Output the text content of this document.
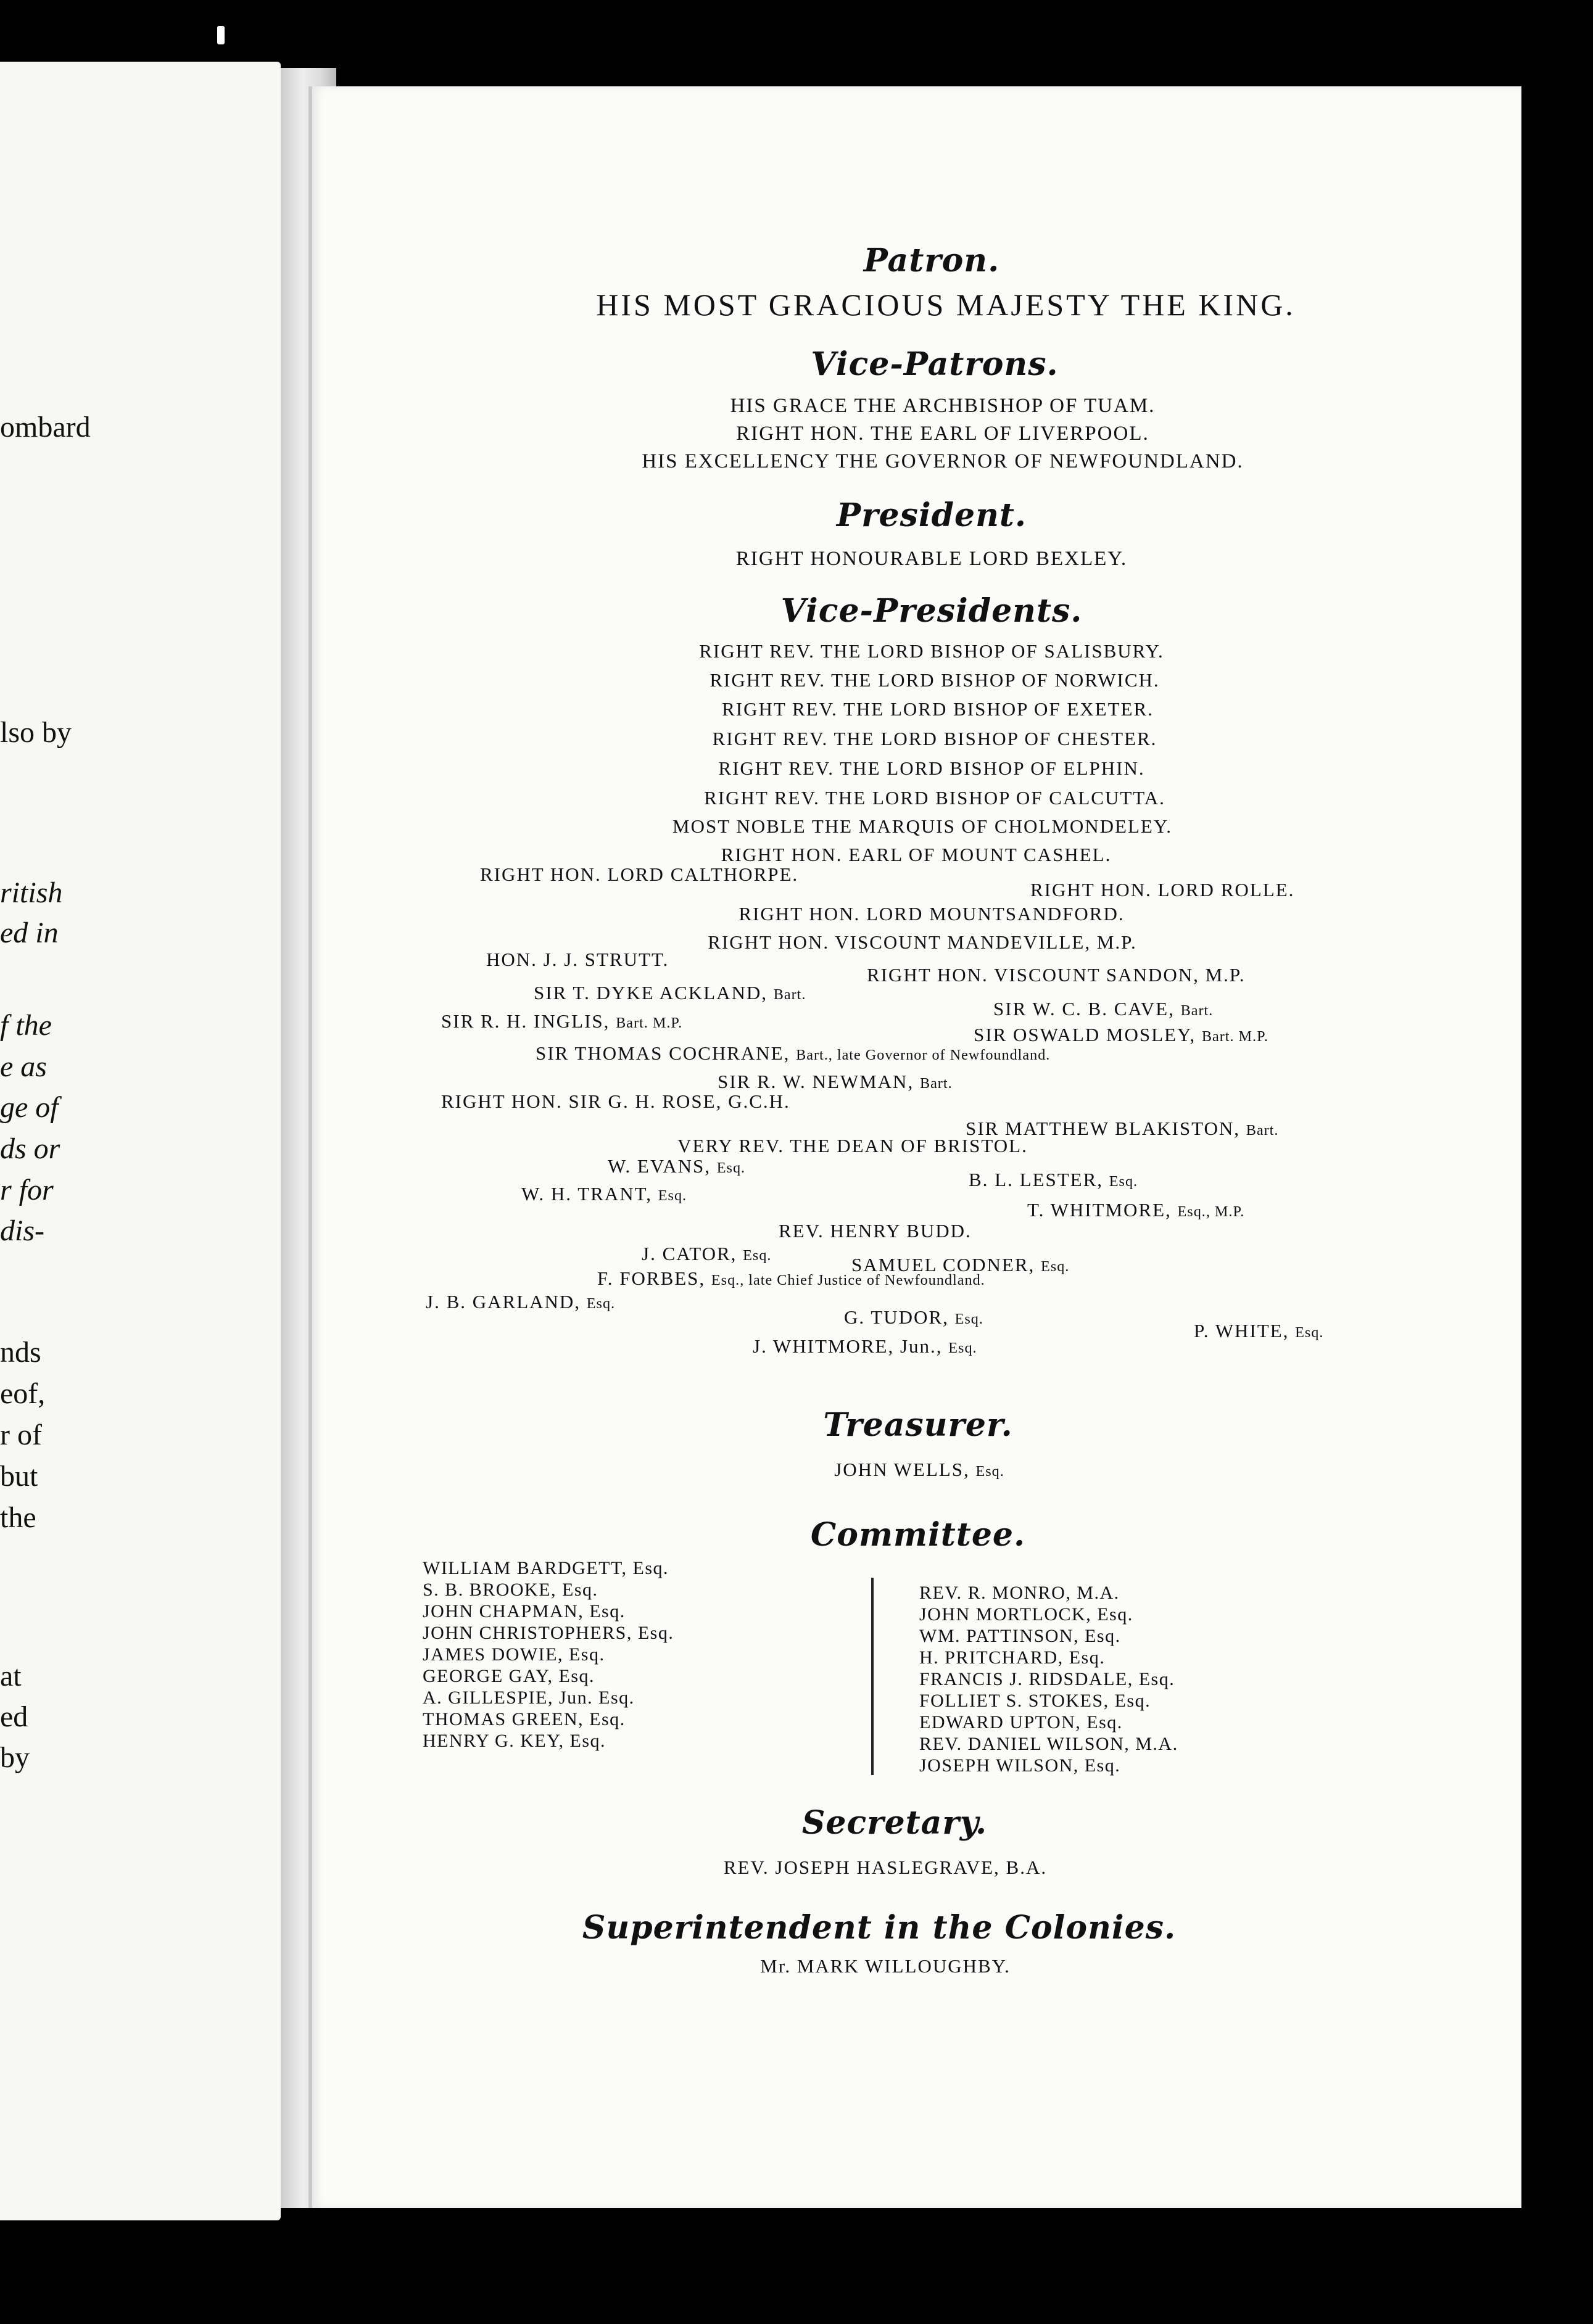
ombard
lso by
ritish
ed in
f the
e as
ge of
ds or
r for
dis-
nds
eof,
r of
but
the
at
ed
by
Patron.
HIS MOST GRACIOUS MAJESTY THE KING.
Vice-Patrons.
HIS GRACE THE ARCHBISHOP OF TUAM.
RIGHT HON. THE EARL OF LIVERPOOL.
HIS EXCELLENCY THE GOVERNOR OF NEWFOUNDLAND.
President.
RIGHT HONOURABLE LORD BEXLEY.
Vice-Presidents.
RIGHT REV. THE LORD BISHOP OF SALISBURY.
RIGHT REV. THE LORD BISHOP OF NORWICH.
RIGHT REV. THE LORD BISHOP OF EXETER.
RIGHT REV. THE LORD BISHOP OF CHESTER.
RIGHT REV. THE LORD BISHOP OF ELPHIN.
RIGHT REV. THE LORD BISHOP OF CALCUTTA.
MOST NOBLE THE MARQUIS OF CHOLMONDELEY.
RIGHT HON. EARL OF MOUNT CASHEL.
RIGHT HON. LORD CALTHORPE.
RIGHT HON. LORD ROLLE.
RIGHT HON. LORD MOUNTSANDFORD.
RIGHT HON. VISCOUNT MANDEVILLE, M.P.
HON. J. J. STRUTT.
RIGHT HON. VISCOUNT SANDON, M.P.
SIR T. DYKE ACKLAND, Bart.
SIR W. C. B. CAVE, Bart.
SIR R. H. INGLIS, Bart. M.P.
SIR OSWALD MOSLEY, Bart. M.P.
SIR THOMAS COCHRANE, Bart., late Governor of Newfoundland.
SIR R. W. NEWMAN, Bart.
RIGHT HON. SIR G. H. ROSE, G.C.H.
SIR MATTHEW BLAKISTON, Bart.
VERY REV. THE DEAN OF BRISTOL.
W. EVANS, Esq.
B. L. LESTER, Esq.
W. H. TRANT, Esq.
T. WHITMORE, Esq., M.P.
REV. HENRY BUDD.
J. CATOR, Esq.	SAMUEL CODNER, Esq.
F. FORBES, Esq., late Chief Justice of Newfoundland.
J. B. GARLAND, Esq.
G. TUDOR, Esq.
P. WHITE, Esq.
J. WHITMORE, Jun., Esq.
Treasurer.
JOHN WELLS, Esq.
Committee.
WILLIAM BARDGETT, Esq.
S. B. BROOKE, Esq.
JOHN CHAPMAN, Esq.
JOHN CHRISTOPHERS, Esq.
JAMES DOWIE, Esq.
GEORGE GAY, Esq.
A. GILLESPIE, Jun. Esq.
THOMAS GREEN, Esq.
HENRY G. KEY, Esq.
REV. R. MONRO, M.A.
JOHN MORTLOCK, Esq.
WM. PATTINSON, Esq.
H. PRITCHARD, Esq.
FRANCIS J. RIDSDALE, Esq.
FOLLIET S. STOKES, Esq.
EDWARD UPTON, Esq.
REV. DANIEL WILSON, M.A.
JOSEPH WILSON, Esq.
Secretary.
REV. JOSEPH HASLEGRAVE, B.A.
Superintendent in the Colonies.
Mr. MARK WILLOUGHBY.
